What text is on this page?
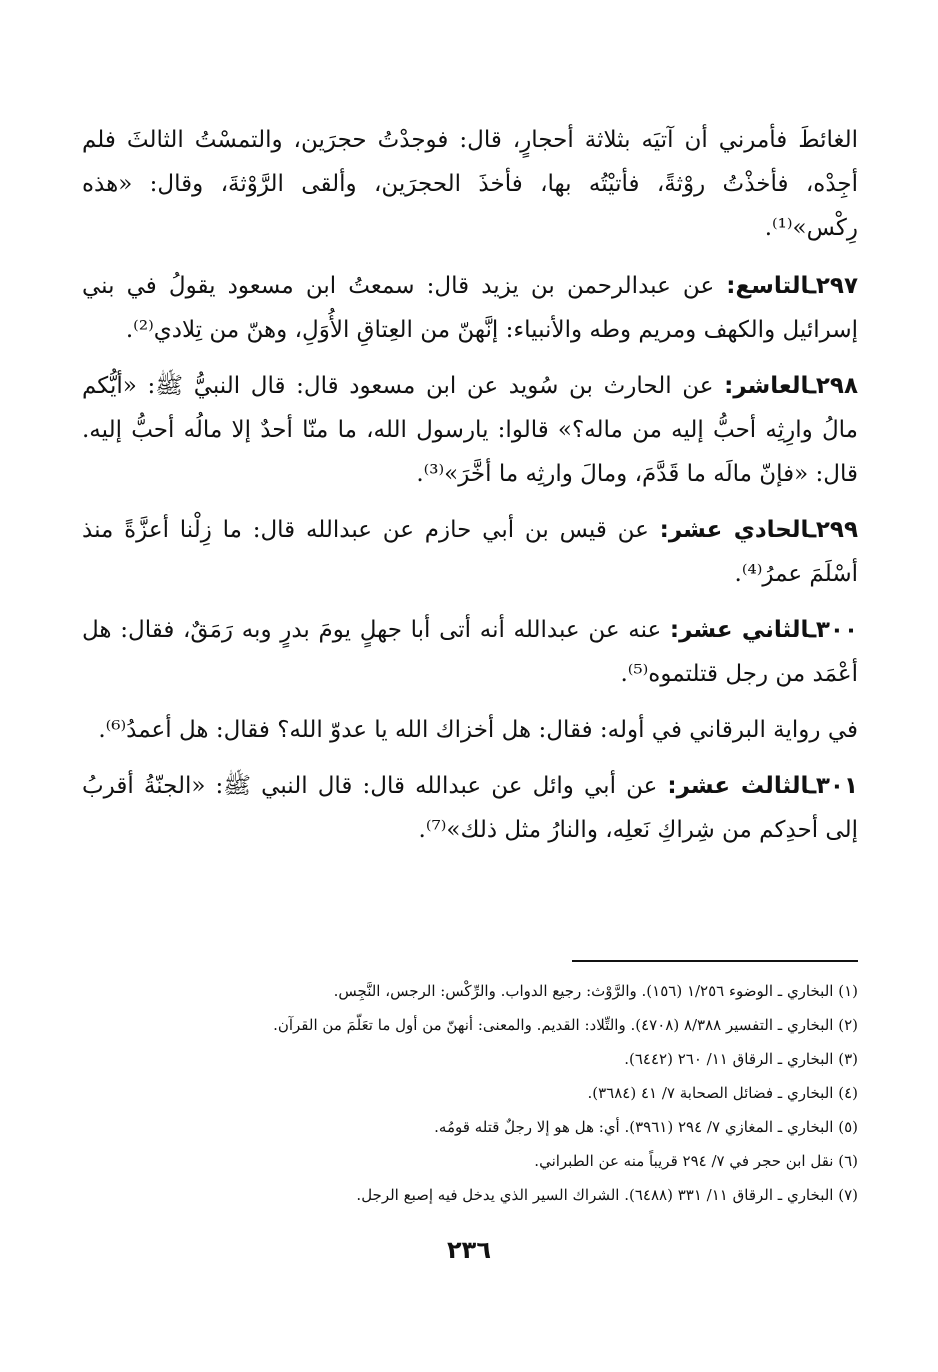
الغائطَ فأمرني أن آتيَه بثلاثة أحجارٍ، قال: فوجدْتُ حجرَين، والتمسْتُ الثالثَ فلم أجِدْه، فأخذْتُ روْثةً، فأتيْتُه بها، فأخذَ الحجرَين، وألقى الرَّوْثةَ، وقال: «هذه رِكْس»⁽¹⁾.

٢٩٧ـالتاسع: عن عبدالرحمن بن يزيد قال: سمعتُ ابن مسعود يقولُ في بني إسرائيل والكهف ومريم وطه والأنبياء: إنَّهنّ من العِتاقِ الأُوَلِ، وهنّ من تِلادي⁽²⁾.

٢٩٨ـالعاشر: عن الحارث بن سُويد عن ابن مسعود قال: قال النبيُّ ﷺ: «أيُّكم مالُ وارِثِه أحبُّ إليه من ماله؟» قالوا: يارسول الله، ما منّا أحدٌ إلا مالُه أحبُّ إليه. قال: «فإنّ مالَه ما قَدَّمَ، ومالَ وارثِه ما أخَّرَ»⁽³⁾.

٢٩٩ـالحادي عشر: عن قيس بن أبي حازم عن عبدالله قال: ما زِلْنا أعزَّةً منذ أسْلَمَ عمرُ⁽⁴⁾.

٣٠٠ـالثاني عشر: عنه عن عبدالله أنه أتى أبا جهلٍ يومَ بدرٍ وبه رَمَقٌ، فقال: هل أعْمَد من رجل قتلتموه⁽⁵⁾.

في رواية البرقاني في أوله: فقال: هل أخزاك الله يا عدوّ الله؟ فقال: هل أعمدُ⁽⁶⁾.

٣٠١ـالثالث عشر: عن أبي وائل عن عبدالله قال: قال النبي ﷺ: «الجنّةُ أقربُ إلى أحدِكم من شِراكِ نَعلِه، والنارُ مثل ذلك»⁽⁷⁾.

(١) البخاري ـ الوضوء ١/٢٥٦ (١٥٦). والرَّوْث: رجيع الدواب. والرِّكْس: الرجس، النَّجِس.
(٢) البخاري ـ التفسير ٨/٣٨٨ (٤٧٠٨). والتِّلاد: القديم. والمعنى: أنهنّ من أول ما تعَلّمَ من القرآن.
(٣) البخاري ـ الرقاق ١١/ ٢٦٠ (٦٤٤٢).
(٤) البخاري ـ فضائل الصحابة ٧/ ٤١ (٣٦٨٤).
(٥) البخاري ـ المغازي ٧/ ٢٩٤ (٣٩٦١). أي: هل هو إلا رجلٌ قتله قومُه.
(٦) نقل ابن حجر في ٧/ ٢٩٤ قريباً منه عن الطبراني.
(٧) البخاري ـ الرقاق ١١/ ٣٣١ (٦٤٨٨). الشراك السير الذي يدخل فيه إصبع الرجل.
٢٣٦
